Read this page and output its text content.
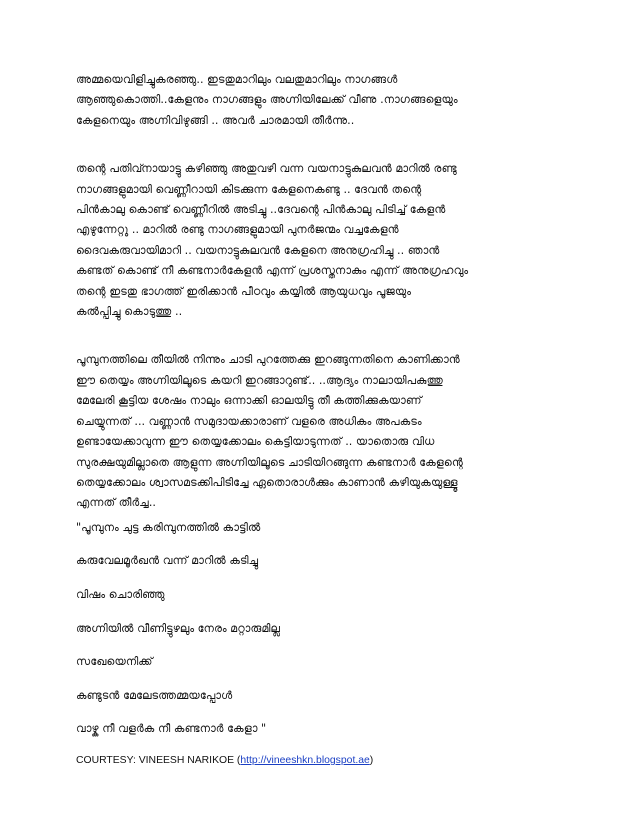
അമ്മയെവിളിച്ചുകരഞ്ഞു.. ഇടതുമാറിലും വലതുമാറിലും നാഗങ്ങൾ
ആഞ്ഞുകൊത്തി..കേളനും നാഗങ്ങളും അഗ്നിയിലേക്ക് വീണു .നാഗങ്ങളെയും
കേളനെയും അഗ്നിവിഴുങ്ങി .. അവർ ചാരമായി തീർന്നു..

തന്റെ പതിവ്നായാട്ടു കഴിഞ്ഞു അതുവഴി വന്ന വയനാട്ടുകുലവൻ മാറിൽ രണ്ടു
നാഗങ്ങളുമായി വെണ്ണീറായി കിടക്കുന്ന കേളനെകണ്ടു .. ദേവൻ തന്റെ
പിൻകാലു കൊണ്ട് വെണ്ണീറിൽ അടിച്ചു ..ദേവന്റെ പിൻകാലു പിടിച്ച് കേളൻ
എഴുന്നേറ്റു .. മാറിൽ രണ്ടു നാഗങ്ങളുമായി പുനർജന്മം വച്ചകേളൻ
ദൈവകരുവായിമാറി .. വയനാട്ടുകുലവൻ കേളനെ അനുഗ്രഹിച്ചു .. ഞാൻ
കണ്ടത് കൊണ്ട് നീ കണ്ടനാർകേളൻ എന്ന് പ്രശസ്തനാകും എന്ന് അനുഗ്രഹവും
തന്റെ ഇടതു ഭാഗത്ത് ഇരിക്കാൻ പീഠവും കയ്യിൽ ആയുധവും പൂജയും
കൽപ്പിച്ചു കൊടുത്തു ..

പൂമ്പുനത്തിലെ തീയിൽ നിന്നും ചാടി പുറത്തേക്കു ഇറങ്ങുന്നതിനെ കാണിക്കാൻ
ഈ തെയ്യം അഗ്നിയിലൂടെ കയറി ഇറങ്ങാറുണ്ട്.. ..ആദ്യം നാലായിപകുത്തു
മേലേരി കൂട്ടിയ ശേഷം നാലും ഒന്നാക്കി ഓലയിട്ടു തീ കത്തിക്കുകയാണ്
ചെയ്യുന്നത് ... വണ്ണാൻ സമുദായക്കാരാണ് വളരെ അധികം അപകടം
ഉണ്ടായേക്കാവുന്ന ഈ തെയ്യക്കോലം കെട്ടിയാടുന്നത് .. യാതൊരു വിധ
സുരക്ഷയുമില്ലാതെ ആളുന്ന അഗ്നിയിലൂടെ ചാടിയിറങ്ങുന്ന കണ്ടനാർ കേളന്റെ
തെയ്യക്കോലം ശ്വാസമടക്കിപിടിച്ചേ ഏതൊരാൾക്കും കാണാൻ കഴിയുകയുള്ളൂ
എന്നത് തീർച്ച..

"പൂമ്പുനം ചുട്ട കരിമ്പുനത്തിൽ കാട്ടിൽ

കരുവേലമൂർഖൻ വന്ന് മാറിൽ കടിച്ചു

വിഷം ചൊരിഞ്ഞു

അഗ്നിയിൽ വീണിട്ടുഴലും നേരം മറ്റാരുമില്ല

സഖേയെനിക്ക്

കണ്ടുടൻ മേലേടത്തമ്മയപ്പോൾ

വാഴ്ക നീ വളർക നീ കണ്ടനാർ കേളാ "

COURTESY: VINEESH NARIKOE (http://vineeshkn.blogspot.ae)
